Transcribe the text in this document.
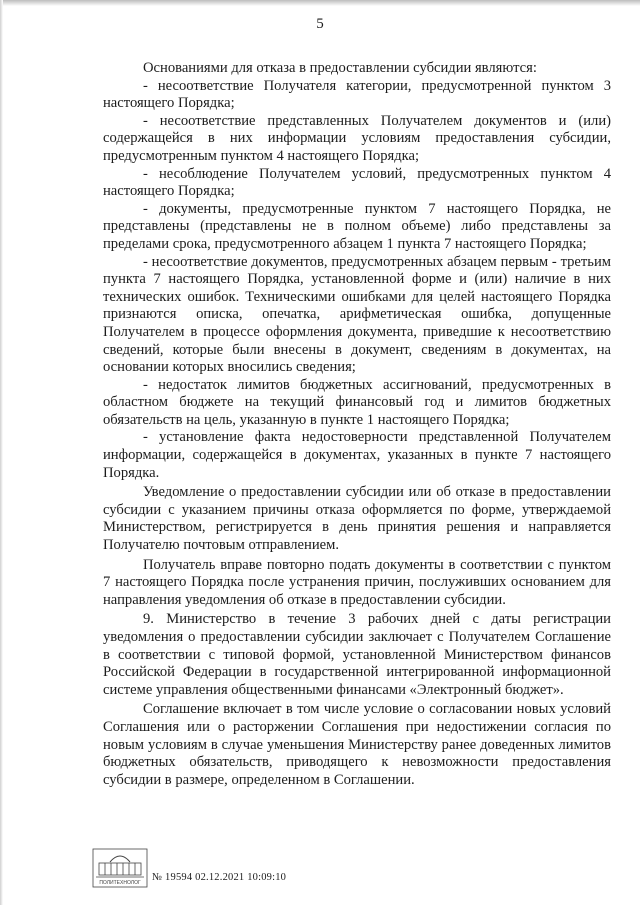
5

Основаниями для отказа в предоставлении субсидии являются:

- несоответствие Получателя категории, предусмотренной пунктом 3 настоящего Порядка;

- несоответствие представленных Получателем документов и (или) содержащейся в них информации условиям предоставления субсидии, предусмотренным пунктом 4 настоящего Порядка;

- несоблюдение Получателем условий, предусмотренных пунктом 4 настоящего Порядка;

- документы, предусмотренные пунктом 7 настоящего Порядка, не представлены (представлены не в полном объеме) либо представлены за пределами срока, предусмотренного абзацем 1 пункта 7 настоящего Порядка;

- несоответствие документов, предусмотренных абзацем первым - третьим пункта 7 настоящего Порядка, установленной форме и (или) наличие в них технических ошибок. Техническими ошибками для целей настоящего Порядка признаются описка, опечатка, арифметическая ошибка, допущенные Получателем в процессе оформления документа, приведшие к несоответствию сведений, которые были внесены в документ, сведениям в документах, на основании которых вносились сведения;

- недостаток лимитов бюджетных ассигнований, предусмотренных в областном бюджете на текущий финансовый год и лимитов бюджетных обязательств на цель, указанную в пункте 1 настоящего Порядка;

- установление факта недостоверности представленной Получателем информации, содержащейся в документах, указанных в пункте 7 настоящего Порядка.

Уведомление о предоставлении субсидии или об отказе в предоставлении субсидии с указанием причины отказа оформляется по форме, утверждаемой Министерством, регистрируется в день принятия решения и направляется Получателю почтовым отправлением.

Получатель вправе повторно подать документы в соответствии с пунктом 7 настоящего Порядка после устранения причин, послуживших основанием для направления уведомления об отказе в предоставлении субсидии.

9. Министерство в течение 3 рабочих дней с даты регистрации уведомления о предоставлении субсидии заключает с Получателем Соглашение в соответствии с типовой формой, установленной Министерством финансов Российской Федерации в государственной интегрированной информационной системе управления общественными финансами «Электронный бюджет».

Соглашение включает в том числе условие о согласовании новых условий Соглашения или о расторжении Соглашения при недостижении согласия по новым условиям в случае уменьшения Министерству ранее доведенных лимитов бюджетных обязательств, приводящего к невозможности предоставления субсидии в размере, определенном в Соглашении.

ПОЛИТЕХНОЛОГ № 19594 02.12.2021 10:09:10
